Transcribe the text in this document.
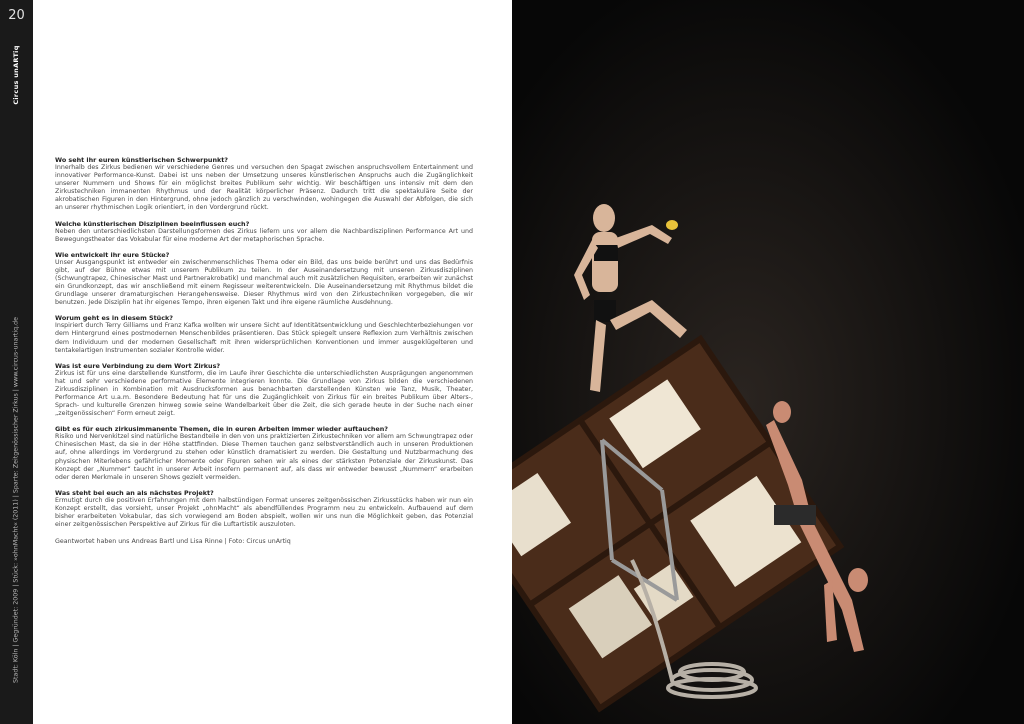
20
Circus unARTiq
Stadt: Köln | Gegründet: 2009 | Stück: »ohnMacht« (2011) | Sparte: Zeitgenössischer Zirkus | www.circus-unartiq.de

Wo seht ihr euren künstlerischen Schwerpunkt?

Innerhalb des Zirkus bedienen wir verschiedene Genres und versuchen den Spagat zwischen anspruchsvollem Entertainment und innovativer Performance-Kunst. Dabei ist uns neben der Umsetzung unseres künstlerischen Anspruchs auch die Zugänglichkeit unserer Nummern und Shows für ein möglichst breites Publikum sehr wichtig. Wir beschäftigen uns intensiv mit dem den Zirkustechniken immanenten Rhythmus und der Realität körperlicher Präsenz. Dadurch tritt die spektakuläre Seite der akrobatischen Figuren in den Hintergrund, ohne jedoch gänzlich zu verschwinden, wohingegen die Auswahl der Abfolgen, die sich an unserer rhythmischen Logik orientiert, in den Vordergrund rückt.

Welche künstlerischen Disziplinen beeinflussen euch?

Neben den unterschiedlichsten Darstellungsformen des Zirkus liefern uns vor allem die Nachbardisziplinen Performance Art und Bewegungstheater das Vokabular für eine moderne Art der metaphorischen Sprache.

Wie entwickelt ihr eure Stücke?

Unser Ausgangspunkt ist entweder ein zwischenmenschliches Thema oder ein Bild, das uns beide berührt und uns das Bedürfnis gibt, auf der Bühne etwas mit unserem Publikum zu teilen. In der Auseinandersetzung mit unseren Zirkusdisziplinen (Schwungtrapez, Chinesischer Mast und Partnerakrobatik) und manchmal auch mit zusätzlichen Requisiten, erarbeiten wir zunächst ein Grundkonzept, das wir anschließend mit einem Regisseur weiterentwickeln. Die Auseinandersetzung mit Rhythmus bildet die Grundlage unserer dramaturgischen Herangehensweise. Dieser Rhythmus wird von den Zirkustechniken vorgegeben, die wir benutzen. Jede Disziplin hat ihr eigenes Tempo, ihren eigenen Takt und ihre eigene räumliche Ausdehnung.

Worum geht es in diesem Stück?

Inspiriert durch Terry Gilliams und Franz Kafka wollten wir unsere Sicht auf Identitätsentwicklung und Geschlechterbeziehungen vor dem Hintergrund eines postmodernen Menschenbildes präsentieren. Das Stück spiegelt unsere Reflexion zum Verhältnis zwischen dem Individuum und der modernen Gesellschaft mit ihren widersprüchlichen Konventionen und immer ausgeklügelteren und tentakelartigen Instrumenten sozialer Kontrolle wider.

Was ist eure Verbindung zu dem Wort Zirkus?

Zirkus ist für uns eine darstellende Kunstform, die im Laufe ihrer Geschichte die unterschiedlichsten Ausprägungen angenommen hat und sehr verschiedene performative Elemente integrieren konnte. Die Grundlage von Zirkus bilden die verschiedenen Zirkusdisziplinen in Kombination mit Ausdrucksformen aus benachbarten darstellenden Künsten wie Tanz, Musik, Theater, Performance Art u.a.m. Besondere Bedeutung hat für uns die Zugänglichkeit von Zirkus für ein breites Publikum über Alters-, Sprach- und kulturelle Grenzen hinweg sowie seine Wandelbarkeit über die Zeit, die sich gerade heute in der Suche nach einer „zeitgenössischen“ Form erneut zeigt.

Gibt es für euch zirkusimmanente Themen, die in euren Arbeiten immer wieder auftauchen?

Risiko und Nervenkitzel sind natürliche Bestandteile in den von uns praktizierten Zirkustechniken vor allem am Schwungtrapez oder Chinesischen Mast, da sie in der Höhe stattfinden. Diese Themen tauchen ganz selbstverständlich auch in unseren Produktionen auf, ohne allerdings im Vordergrund zu stehen oder künstlich dramatisiert zu werden. Die Gestaltung und Nutzbarmachung des physischen Miterlebens gefährlicher Momente oder Figuren sehen wir als eines der stärksten Potenziale der Zirkuskunst. Das Konzept der „Nummer“ taucht in unserer Arbeit insofern permanent auf, als dass wir entweder bewusst „Nummern“ erarbeiten oder deren Merkmale in unseren Shows gezielt vermeiden.

Was steht bei euch an als nächstes Projekt?

Ermutigt durch die positiven Erfahrungen mit dem halbstündigen Format unseres zeitgenössischen Zirkusstücks haben wir nun ein Konzept erstellt, das vorsieht, unser Projekt „ohnMacht“ als abendfüllendes Programm neu zu entwickeln. Aufbauend auf dem bisher erarbeiteten Vokabular, das sich vorwiegend am Boden abspielt, wollen wir uns nun die Möglichkeit geben, das Potenzial einer zeitgenössischen Perspektive auf Zirkus für die Luftartistik auszuloten.

Geantwortet haben uns Andreas Bartl und Lisa Rinne | Foto: Circus unArtiq
